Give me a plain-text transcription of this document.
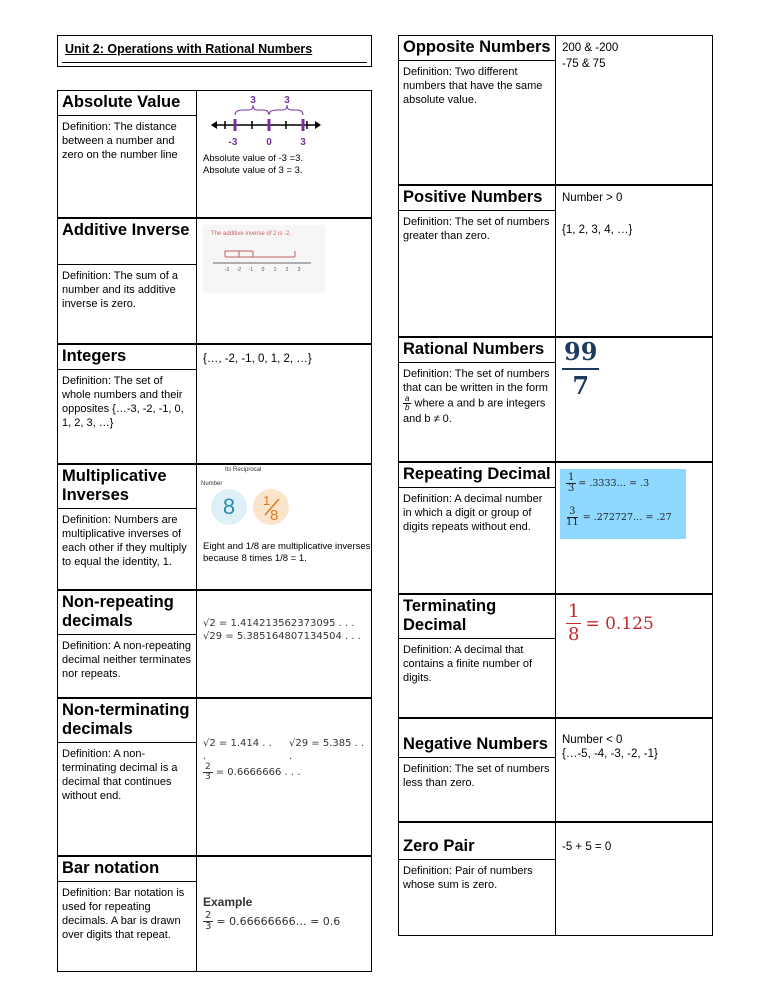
Unit 2: Operations with Rational Numbers
Absolute Value
Definition: The distance between a number and zero on the number line
3	3
-3	0	3
Absolute value of -3 =3.
Absolute value of 3 = 3.
Additive Inverse
Definition: The sum of a number and its additive inverse is zero.
The additive inverse of 2 is -2.
-3 -2 -1 0 1 2 3
Integers
Definition: The set of whole numbers and their opposites {…-3, -2, -1, 0, 1, 2, 3, …}
{…, -2, -1, 0, 1, 2, …}
Multiplicative Inverses
Definition: Numbers are multiplicative inverses of each other if they multiply to equal the identity, 1.
Its Reciprocal
Number
8	1
8
Eight and 1/8 are multiplicative inverses because 8 times 1/8 = 1.
Non-repeating decimals
Definition: A non-repeating decimal neither terminates nor repeats.
√2 = 1.414213562373095 . . .
√29 = 5.385164807134504 . . .
Non-terminating decimals
Definition: A non-terminating decimal is a decimal that continues without end.
√2 = 1.414 . . .
√29 = 5.385 . . .
$\frac{2}{3} = 0.6666666$ . . .
Bar notation
Definition: Bar notation is used for repeating decimals. A bar is drawn over digits that repeat.
Example
$\frac{2}{3}$ = 0.66666666… = 0.6
Opposite Numbers
Definition: Two different numbers that have the same absolute value.
200 & -200
-75 & 75
Positive Numbers
Definition: The set of numbers greater than zero.
Number > 0
{1, 2, 3, 4, …}
Rational Numbers
Definition: The set of numbers that can be written in the form
$\frac{a}{b}$ where a and b are integers and b ≠ 0.
$\frac{99}{7}$
Repeating Decimal
Definition: A decimal number in which a digit or group of digits repeats without end.
$\frac{1}{3}$ = .3333… = .3
$\frac{3}{11}$ = .272727… = .27
Terminating Decimal
Definition: A decimal that contains a finite number of digits.
$\frac{1}{8} = 0.125$
Negative Numbers
Definition: The set of numbers less than zero.
Number < 0
{…-5, -4, -3, -2, -1}
Zero Pair
Definition: Pair of numbers whose sum is zero.
-5 + 5 = 0
